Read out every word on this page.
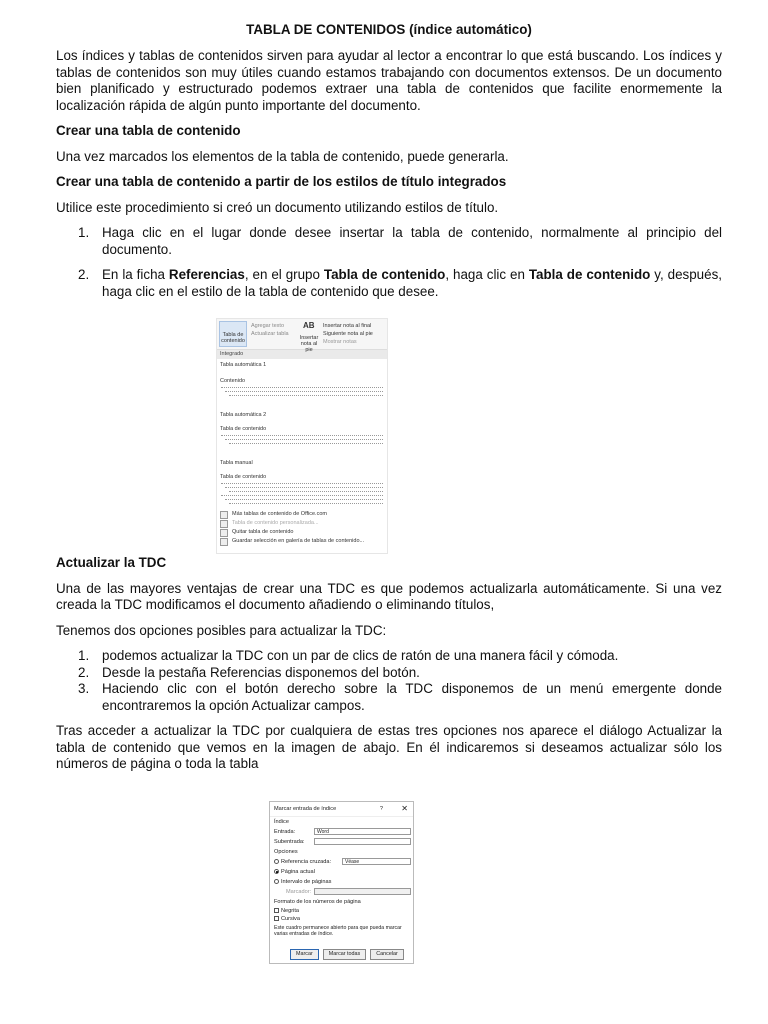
TABLA DE CONTENIDOS (índice automático)

Los índices y tablas de contenidos sirven para ayudar al lector a encontrar lo que está buscando. Los índices y tablas de contenidos son muy útiles cuando estamos trabajando con documentos extensos. De un documento bien planificado y estructurado podemos extraer una tabla de contenidos que facilite enormemente la localización rápida de algún punto importante del documento.

Crear una tabla de contenido

Una vez marcados los elementos de la tabla de contenido, puede generarla.

Crear una tabla de contenido a partir de los estilos de título integrados

Utilice este procedimiento si creó un documento utilizando estilos de título.

1. Haga clic en el lugar donde desee insertar la tabla de contenido, normalmente al principio del documento.
2. En la ficha Referencias, en el grupo Tabla de contenido, haga clic en Tabla de contenido y, después, haga clic en el estilo de la tabla de contenido que desee.
Tabla de contenido
Agregar texto
Actualizar tabla
AB
Insertar nota al pie
Insertar nota al final
Siguiente nota al pie
Mostrar notas
Integrado
Tabla automática 1
Contenido
Tabla automática 2
Tabla de contenido
Tabla manual
Tabla de contenido
Más tablas de contenido de Office.com
Tabla de contenido personalizada...
Quitar tabla de contenido
Guardar selección en galería de tablas de contenido...

Actualizar la TDC

Una de las mayores ventajas de crear una TDC es que podemos actualizarla automáticamente. Si una vez creada la TDC modificamos el documento añadiendo o eliminando títulos,

Tenemos dos opciones posibles para actualizar la TDC:

1. podemos actualizar la TDC con un par de clics de ratón de una manera fácil y cómoda.
2. Desde la pestaña Referencias disponemos del botón.
3. Haciendo clic con el botón derecho sobre la TDC disponemos de un menú emergente donde encontraremos la opción Actualizar campos.

Tras acceder a actualizar la TDC por cualquiera de estas tres opciones nos aparece el diálogo Actualizar la tabla de contenido que vemos en la imagen de abajo. En él indicaremos si deseamos actualizar sólo los números de página o toda la tabla

Marcar entrada de índice	? ✕
Índice
Entrada:	Word
Subentrada:
Opciones
Referencia cruzada:	Véase
Página actual
Intervalo de páginas
Marcador:
Formato de los números de página
Negrita
Cursiva
Este cuadro permanece abierto para que pueda marcar varias entradas de índice.
Marcar	Marcar todas	Cancelar
